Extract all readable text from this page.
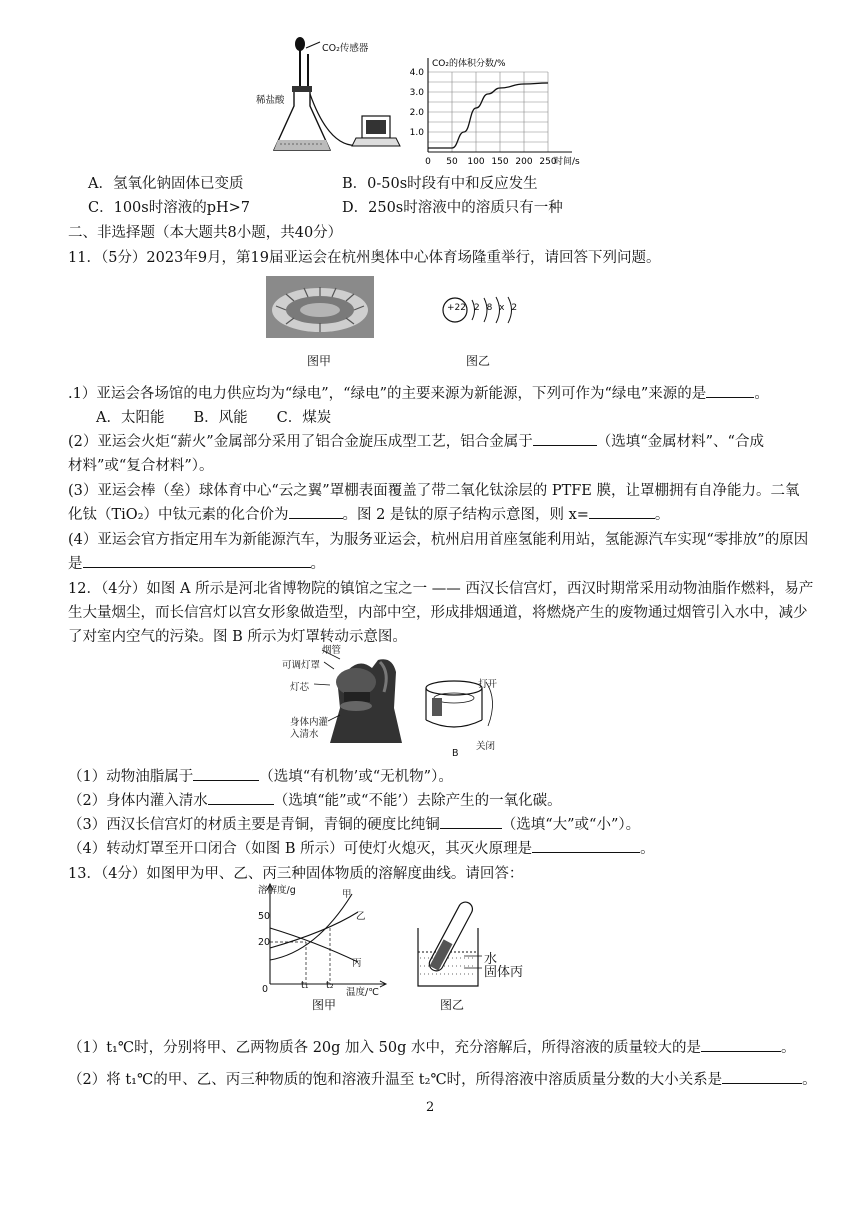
稀盐酸
CO₂传感器
0 50 100 150 200 250
4.0
3.0
2.0
1.0
CO₂的体积分数/%
时间/s
A．氢氧化钠固体已变质	B．0-50s时段有中和反应发生
C．100s时溶液的pH>7	D．250s时溶液中的溶质只有一种
二、非选择题（本大题共8小题，共40分）
11．（5分）2023年9月，第19届亚运会在杭州奥体中心体育场隆重举行，请回答下列问题。
图甲
+22 2 8 x 2
图乙
.1）亚运会各场馆的电力供应均为“绿电”，“绿电”的主要来源为新能源，下列可作为“绿电”来源的是	。
A．太阳能　　B．风能　　C．煤炭
(2）亚运会火炬“薪火”金属部分采用了铝合金旋压成型工艺，铝合金属于	（选填“金属材料”、“合成
材料”或“复合材料”）。
(3）亚运会棒（垒）球体育中心“云之翼”罩棚表面覆盖了带二氧化钛涂层的 PTFE 膜，让罩棚拥有自净能力。二氧
化钛（TiO₂）中钛元素的化合价为	。图 2 是钛的原子结构示意图，则 x=	。
(4）亚运会官方指定用车为新能源汽车，为服务亚运会，杭州启用首座氢能利用站，氢能源汽车实现“零排放”的原因
是	。
12．（4分）如图 A 所示是河北省博物院的镇馆之宝之一 —— 西汉长信宫灯，西汉时期常采用动物油脂作燃料，易产
生大量烟尘，而长信宫灯以宫女形象做造型，内部中空，形成排烟通道，将燃烧产生的废物通过烟管引入水中，减少
了对室内空气的污染。图 B 所示为灯罩转动示意图。
烟管
可调灯罩
灯芯
身体内灌
入清水
打开
关闭
B
（1）动物油脂属于	（选填“有机物’或“无机物”）。
（2）身体内灌入清水	（选填“能”或“不能’）去除产生的一氧化碳。
（3）西汉长信宫灯的材质主要是青铜，青铜的硬度比纯铜	（选填“大”或“小”）。
（4）转动灯罩至开口闭合（如图 B 所示）可使灯火熄灭，其灭火原理是	。
13．（4分）如图甲为甲、乙、丙三种固体物质的溶解度曲线。请回答：
溶解度/g
50
20
0	t₁ t₂
温度/℃
甲
乙
丙
图甲
水
固体丙
图乙
（1）t₁℃时，分别将甲、乙两物质各 20g 加入 50g 水中，充分溶解后，所得溶液的质量较大的是	。
（2）将 t₁℃的甲、乙、丙三种物质的饱和溶液升温至 t₂℃时，所得溶液中溶质质量分数的大小关系是	。
2
